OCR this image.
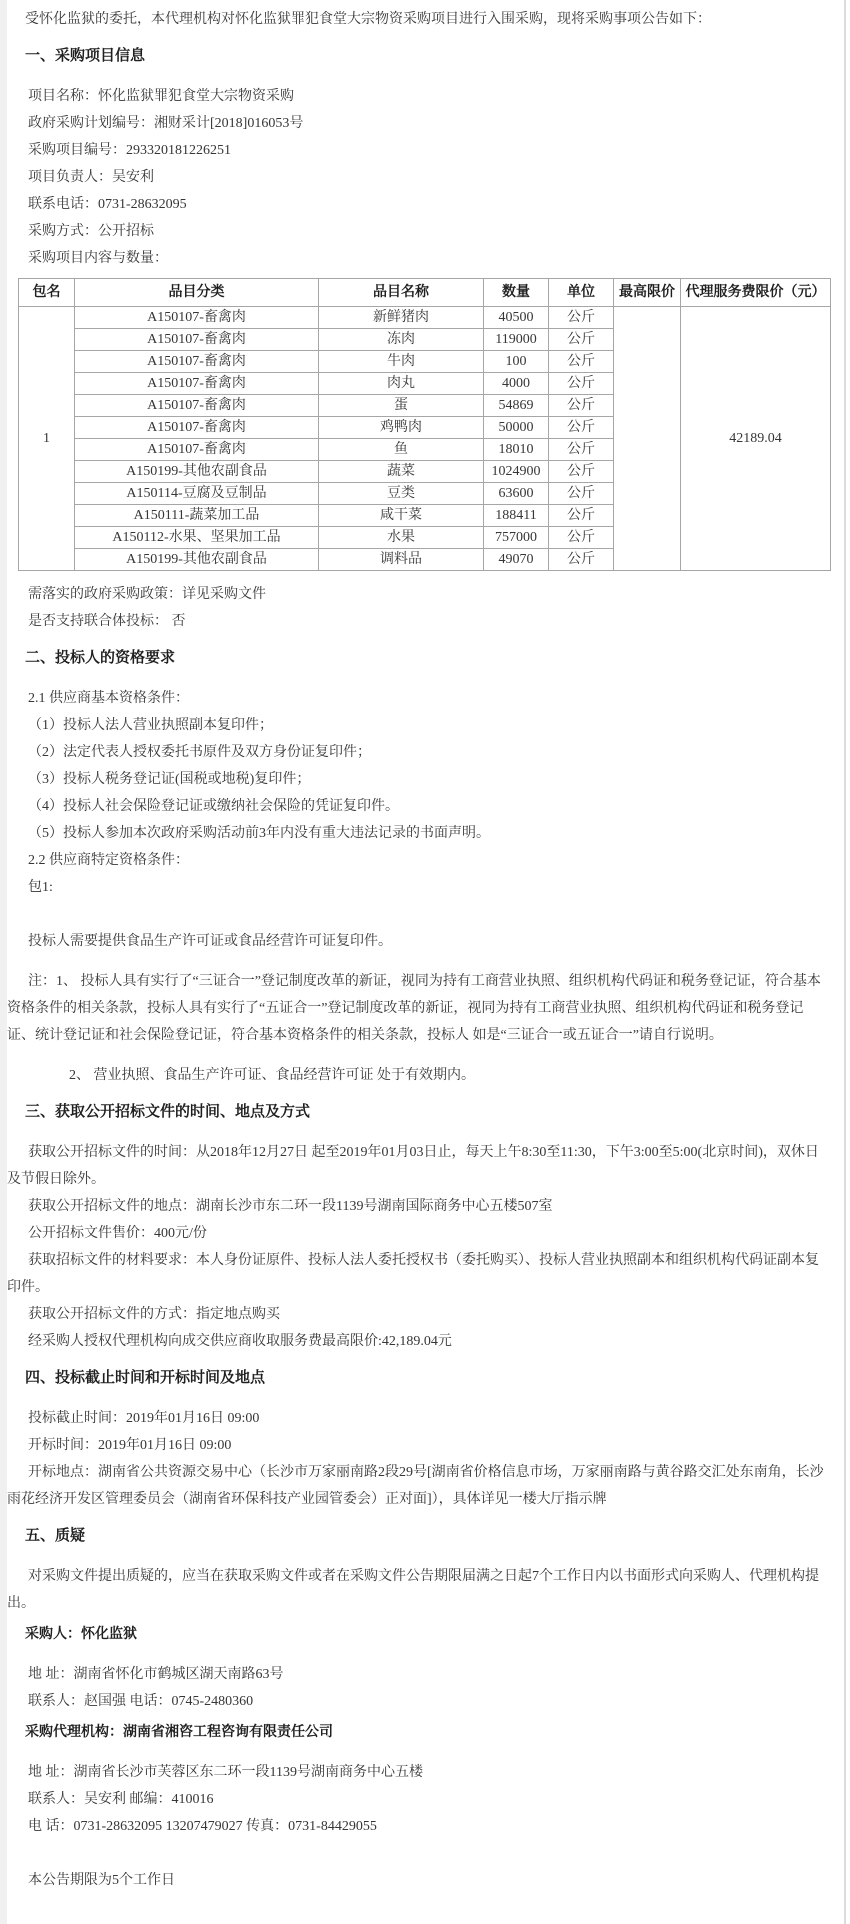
受怀化监狱的委托，本代理机构对怀化监狱罪犯食堂大宗物资采购项目进行入围采购，现将采购事项公告如下：

一、采购项目信息

项目名称：怀化监狱罪犯食堂大宗物资采购

政府采购计划编号：湘财采计[2018]016053号

采购项目编号：293320181226251

项目负责人：吴安利

联系电话：0731-28632095

采购方式：公开招标

采购项目内容与数量：

包名	品目分类	品目名称	数量	单位	最高限价	代理服务费限价（元）
1	A150107-畜禽肉	新鲜猪肉	40500	公斤		42189.04
	A150107-畜禽肉	冻肉	119000	公斤		
	A150107-畜禽肉	牛肉	100	公斤		
	A150107-畜禽肉	肉丸	4000	公斤		
	A150107-畜禽肉	蛋	54869	公斤		
	A150107-畜禽肉	鸡鸭肉	50000	公斤		
	A150107-畜禽肉	鱼	18010	公斤		
	A150199-其他农副食品	蔬菜	1024900	公斤		
	A150114-豆腐及豆制品	豆类	63600	公斤		
	A150111-蔬菜加工品	咸干菜	188411	公斤		
	A150112-水果、坚果加工品	水果	757000	公斤		
	A150199-其他农副食品	调料品	49070	公斤		

需落实的政府采购政策：详见采购文件

是否支持联合体投标： 否

二、投标人的资格要求

2.1 供应商基本资格条件：

（1）投标人法人营业执照副本复印件；

（2）法定代表人授权委托书原件及双方身份证复印件；

（3）投标人税务登记证(国税或地税)复印件；

（4）投标人社会保险登记证或缴纳社会保险的凭证复印件。

（5）投标人参加本次政府采购活动前3年内没有重大违法记录的书面声明。

2.2 供应商特定资格条件：

包1:

投标人需要提供食品生产许可证或食品经营许可证复印件。

注：1、 投标人具有实行了“三证合一”登记制度改革的新证，视同为持有工商营业执照、组织机构代码证和税务登记证，符合基本资格条件的相关条款，投标人具有实行了“五证合一”登记制度改革的新证，视同为持有工商营业执照、组织机构代码证和税务登记证、统计登记证和社会保险登记证，符合基本资格条件的相关条款，投标人 如是“三证合一或五证合一”请自行说明。

2、 营业执照、食品生产许可证、食品经营许可证 处于有效期内。

三、获取公开招标文件的时间、地点及方式

获取公开招标文件的时间：从2018年12月27日 起至2019年01月03日止，每天上午8:30至11:30，下午3:00至5:00(北京时间)，双休日及节假日除外。

获取公开招标文件的地点：湖南长沙市东二环一段1139号湖南国际商务中心五楼507室

公开招标文件售价：400元/份

获取招标文件的材料要求：本人身份证原件、投标人法人委托授权书（委托购买）、投标人营业执照副本和组织机构代码证副本复印件。

获取公开招标文件的方式：指定地点购买

经采购人授权代理机构向成交供应商收取服务费最高限价:42,189.04元

四、投标截止时间和开标时间及地点

投标截止时间：2019年01月16日 09:00

开标时间：2019年01月16日 09:00

开标地点：湖南省公共资源交易中心（长沙市万家丽南路2段29号[湖南省价格信息市场，万家丽南路与黄谷路交汇处东南角，长沙雨花经济开发区管理委员会（湖南省环保科技产业园管委会）正对面]），具体详见一楼大厅指示牌

五、质疑

对采购文件提出质疑的，应当在获取采购文件或者在采购文件公告期限届满之日起7个工作日内以书面形式向采购人、代理机构提出。

采购人：怀化监狱

地 址：湖南省怀化市鹤城区湖天南路63号

联系人：赵国强 电话：0745-2480360

采购代理机构：湖南省湘咨工程咨询有限责任公司

地 址：湖南省长沙市芙蓉区东二环一段1139号湖南商务中心五楼

联系人：吴安利 邮编：410016

电 话：0731-28632095 13207479027 传真：0731-84429055

本公告期限为5个工作日
